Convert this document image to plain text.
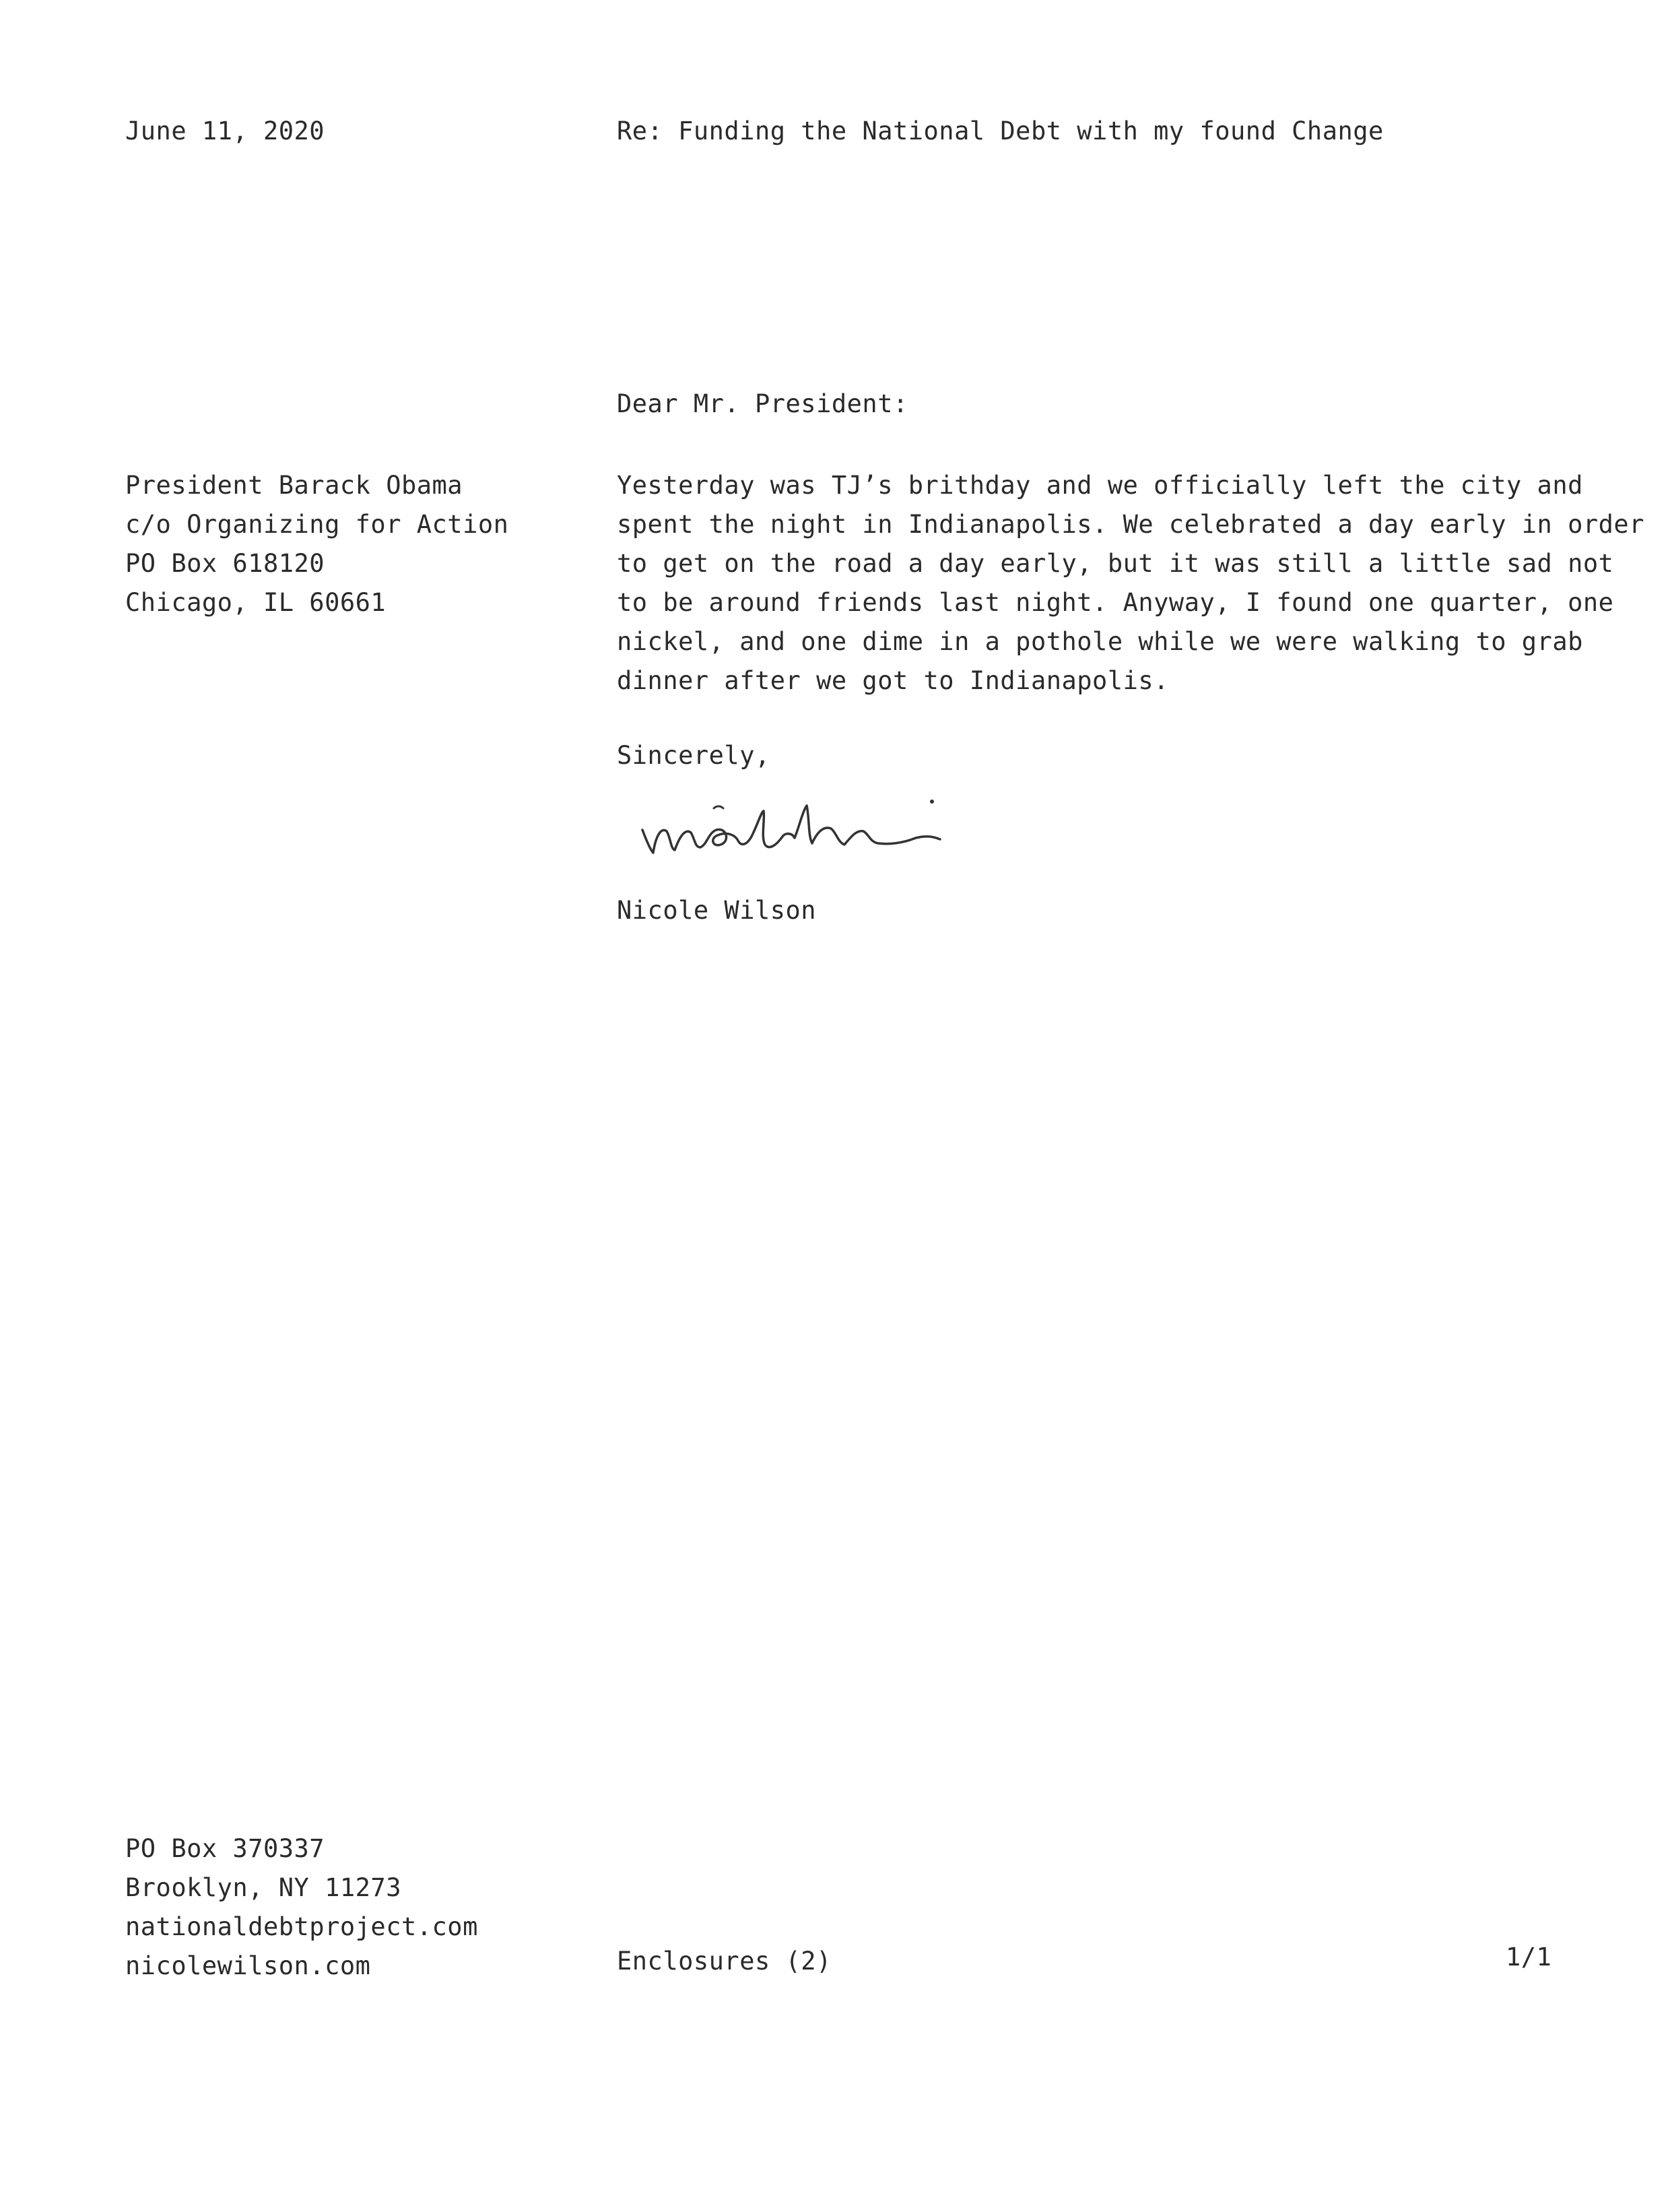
June 11, 2020	Re: Funding the National Debt with my found Change
Dear Mr. President:
President Barack Obama
c/o Organizing for Action
PO Box 618120
Chicago, IL 60661
Yesterday was TJ’s brithday and we officially left the city and
spent the night in Indianapolis. We celebrated a day early in order
to get on the road a day early, but it was still a little sad not
to be around friends last night. Anyway, I found one quarter, one
nickel, and one dime in a pothole while we were walking to grab
dinner after we got to Indianapolis.
Sincerely,
Nicole Wilson
PO Box 370337
Brooklyn, NY 11273
nationaldebtproject.com
nicolewilson.com	Enclosures (2)	1/1
